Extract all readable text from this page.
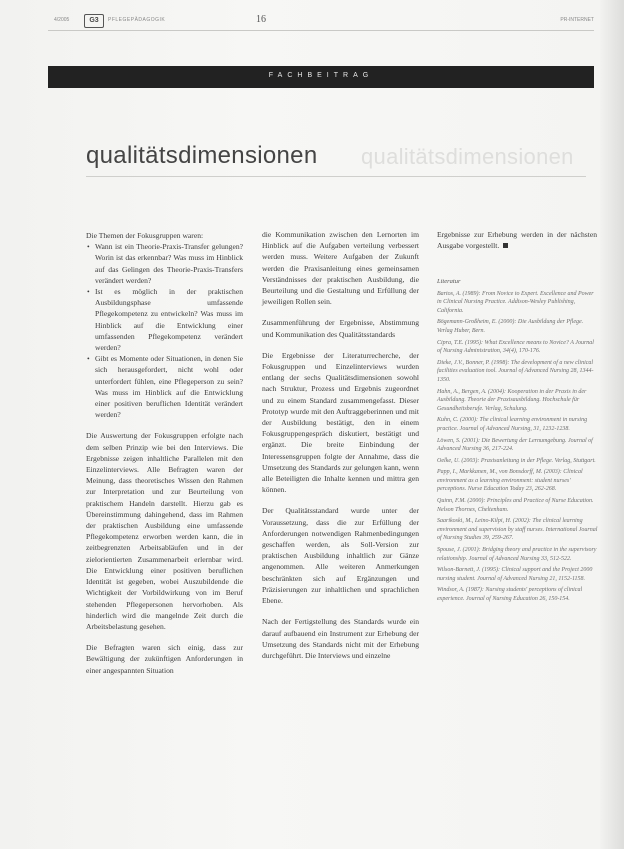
4/2005	G3	PFLEGEPÄDAGOGIK	16	PR-INTERNET
FACHBEITRAG
qualitätsdimensionen qualitätsdimensionen

Die Themen der Fokusgruppen waren:

• Wann ist ein Theorie-Praxis-Transfer gelungen? Worin ist das erkennbar? Was muss im Hinblick auf das Gelingen des Theorie-Praxis-Transfers verändert werden?
• Ist es möglich in der praktischen Ausbildungsphase umfassende Pflegekompetenz zu entwickeln? Was muss im Hinblick auf die Entwicklung einer umfassenden Pflegekompetenz verändert werden?
• Gibt es Momente oder Situationen, in denen Sie sich herausgefordert, nicht wohl oder unterfordert fühlen, eine Pflegeperson zu sein? Was muss im Hinblick auf die Entwicklung einer positiven beruflichen Identität verändert werden?

Die Auswertung der Fokusgruppen erfolgte nach dem selben Prinzip wie bei den Interviews. Die Ergebnisse zeigen inhaltliche Parallelen mit den Einzelinterviews. Alle Befragten waren der Meinung, dass theoretisches Wissen den Rahmen zur Interpretation und zur Beurteilung von praktischem Handeln darstellt. Hierzu gab es Übereinstimmung dahingehend, dass im Rahmen der praktischen Ausbildung eine umfassende Pflegekompetenz erworben werden kann, die in zeitbegrenzten Arbeitsabläufen und in der zielorientierten Zusammenarbeit erlernbar wird. Die Entwicklung einer positiven beruflichen Identität ist gegeben, wobei Auszubildende die Wichtigkeit der Vorbildwirkung von im Beruf stehenden Pflegepersonen hervorhoben. Als hinderlich wird die mangelnde Zeit durch die Arbeitsbelastung gesehen.

Die Befragten waren sich einig, dass zur Bewältigung der zukünftigen Anforderungen in einer angespannten Situation

die Kommunikation zwischen den Lernorten im Hinblick auf die Aufgaben verteilung verbessert werden muss. Weitere Aufgaben der Zukunft werden die Praxisanleitung eines gemeinsamen Verständnisses der praktischen Ausbildung, die Beurteilung und die Gestaltung und Erfüllung der jeweiligen Rollen sein.

Zusammenführung der Ergebnisse, Abstimmung und Kommunikation des Qualitätsstandards

Die Ergebnisse der Literaturrecherche, der Fokusgruppen und Einzelinterviews wurden entlang der sechs Qualitätsdimensionen sowohl nach Struktur, Prozess und Ergebnis zugeordnet und zu einem Standard zusammengefasst. Dieser Prototyp wurde mit den Auftraggeberinnen und mit der Ausbildung bestätigt, den in einem Fokusgruppengespräch diskutiert, bestätigt und ergänzt. Die breite Einbindung der Interessensgruppen folgte der Annahme, dass die Umsetzung des Standards zur gelungen kann, wenn alle Beteiligten die Inhalte kennen und mittra gen können.

Der Qualitätsstandard wurde unter der Voraussetzung, dass die zur Erfüllung der Anforderungen notwendigen Rahmenbedingungen geschaffen werden, als Soll-Version zur praktischen Ausbildung inhaltlich zur Gänze angenommen. Alle weiteren Anmerkungen beschränkten sich auf Ergänzungen und Präzisierungen zur inhaltlichen und sprachlichen Ebene.

Nach der Fertigstellung des Standards wurde ein darauf aufbauend ein Instrument zur Erhebung der Umsetzung des Standards nicht mit der Erhebung durchgeführt. Die Interviews und einzelne

Ergebnisse zur Erhebung werden in der nächsten Ausgabe vorgestellt.

Literatur
Bartos, A. (1989): From Novice to Expert. Excellence and Power in Clinical Nursing Practice. Addison-Wesley Publishing, California.
Bögemann-Großheim, E. (2000): Die Ausbildung der Pflege. Verlag Huber, Bern.
Cipra, T.E. (1995): What Excellence means to Novice? A Journal of Nursing Administration, 34(4), 170-176.
Dieke, J.V., Bonner, P. (1998): The development of a new clinical facilities evaluation tool. Journal of Advanced Nursing 28, 1344-1350.
Hahn, A., Bergen, A. (2004): Kooperation in der Praxis in der Ausbildung. Theorie der Praxisausbildung. Hochschule für Gesundheitsberufe. Verlag, Schulung.
Kuhn, C. (2000): The clinical learning environment in nursing practice. Journal of Advanced Nursing, 31, 1232-1238.
Löwen, S. (2001): Die Bewertung der Lernumgebung. Journal of Advanced Nursing 36, 217-224.
Oelke, U. (2003): Praxisanleitung in der Pflege. Verlag, Stuttgart.
Papp, I., Markkanen, M., von Bonsdorff, M. (2003): Clinical environment as a learning environment: student nurses' perceptions. Nurse Education Today 23, 262-268.
Quinn, F.M. (2000): Principles and Practice of Nurse Education. Nelson Thornes, Cheltenham.
Saarikoski, M., Leino-Kilpi, H. (2002): The clinical learning environment and supervision by staff nurses. International Journal of Nursing Studies 39, 259-267.
Spouse, J. (2001): Bridging theory and practice in the supervisory relationship. Journal of Advanced Nursing 33, 512-522.
Wilson-Barnett, J. (1995): Clinical support and the Project 2000 nursing student. Journal of Advanced Nursing 21, 1152-1158.
Windsor, A. (1987): Nursing students' perceptions of clinical experience. Journal of Nursing Education 26, 150-154.
